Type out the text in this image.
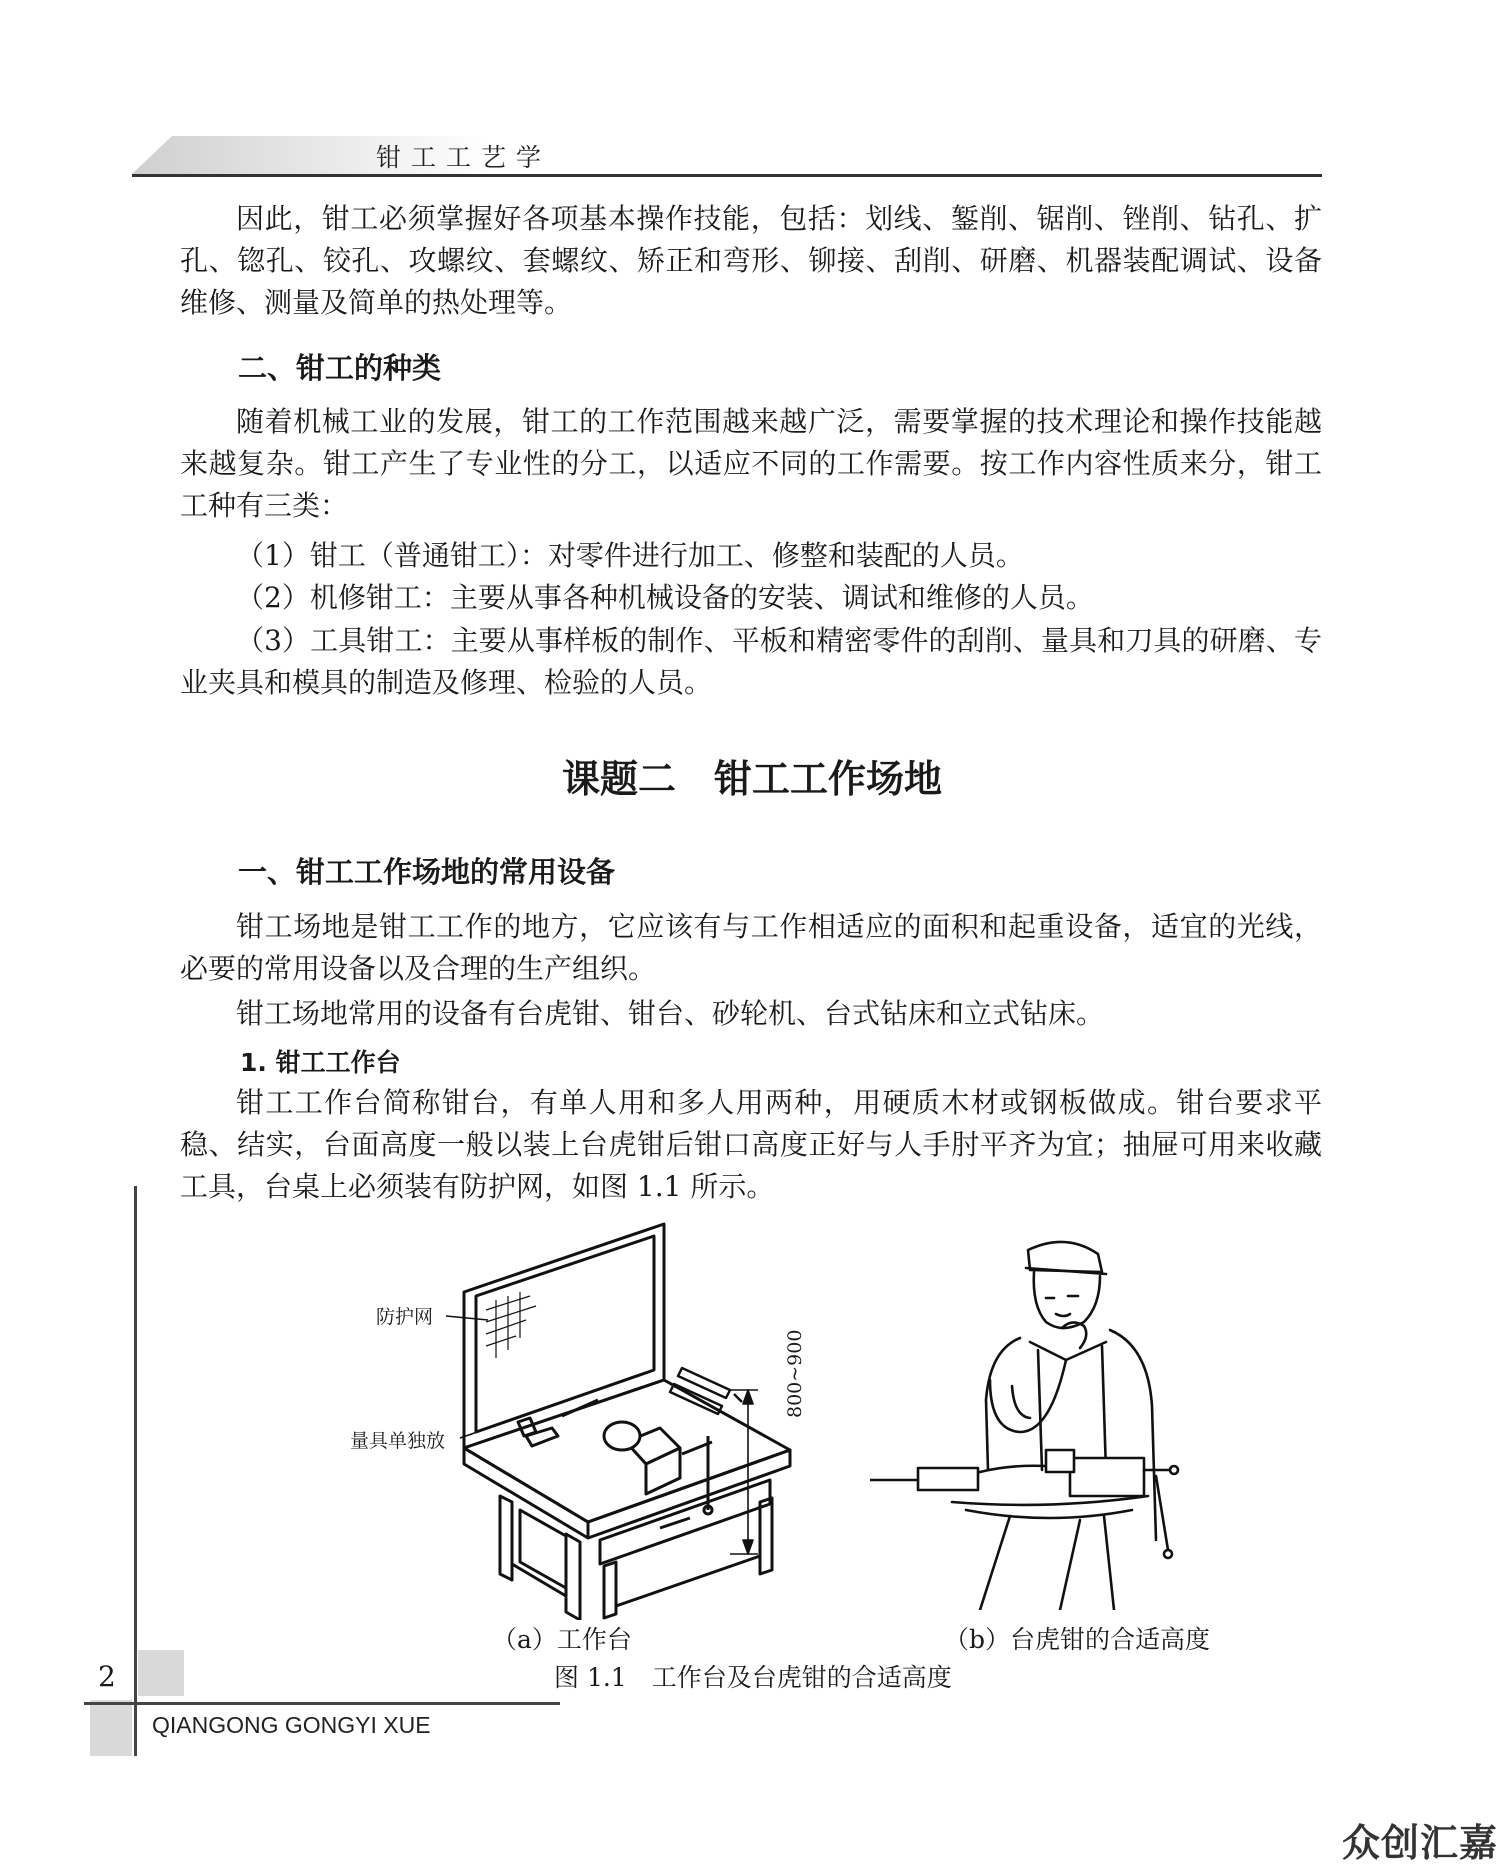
钳工工艺学

因此，钳工必须掌握好各项基本操作技能，包括：划线、錾削、锯削、锉削、钻孔、扩孔、锪孔、铰孔、攻螺纹、套螺纹、矫正和弯形、铆接、刮削、研磨、机器装配调试、设备维修、测量及简单的热处理等。

二、钳工的种类

随着机械工业的发展，钳工的工作范围越来越广泛，需要掌握的技术理论和操作技能越来越复杂。钳工产生了专业性的分工，以适应不同的工作需要。按工作内容性质来分，钳工工种有三类：

（1）钳工（普通钳工）：对零件进行加工、修整和装配的人员。

（2）机修钳工：主要从事各种机械设备的安装、调试和维修的人员。

（3）工具钳工：主要从事样板的制作、平板和精密零件的刮削、量具和刀具的研磨、专业夹具和模具的制造及修理、检验的人员。

课题二　钳工工作场地
一、钳工工作场地的常用设备

钳工场地是钳工工作的地方，它应该有与工作相适应的面积和起重设备，适宜的光线，必要的常用设备以及合理的生产组织。

钳工场地常用的设备有台虎钳、钳台、砂轮机、台式钻床和立式钻床。

1. 钳工工作台

钳工工作台简称钳台，有单人用和多人用两种，用硬质木材或钢板做成。钳台要求平稳、结实，台面高度一般以装上台虎钳后钳口高度正好与人手肘平齐为宜；抽屉可用来收藏工具，台桌上必须装有防护网，如图 1.1 所示。

防护网
量具单独放
800~900
（a）工作台	（b）台虎钳的合适高度
图 1.1　工作台及台虎钳的合适高度
2
QIANGONG GONGYI XUE
众创汇嘉
